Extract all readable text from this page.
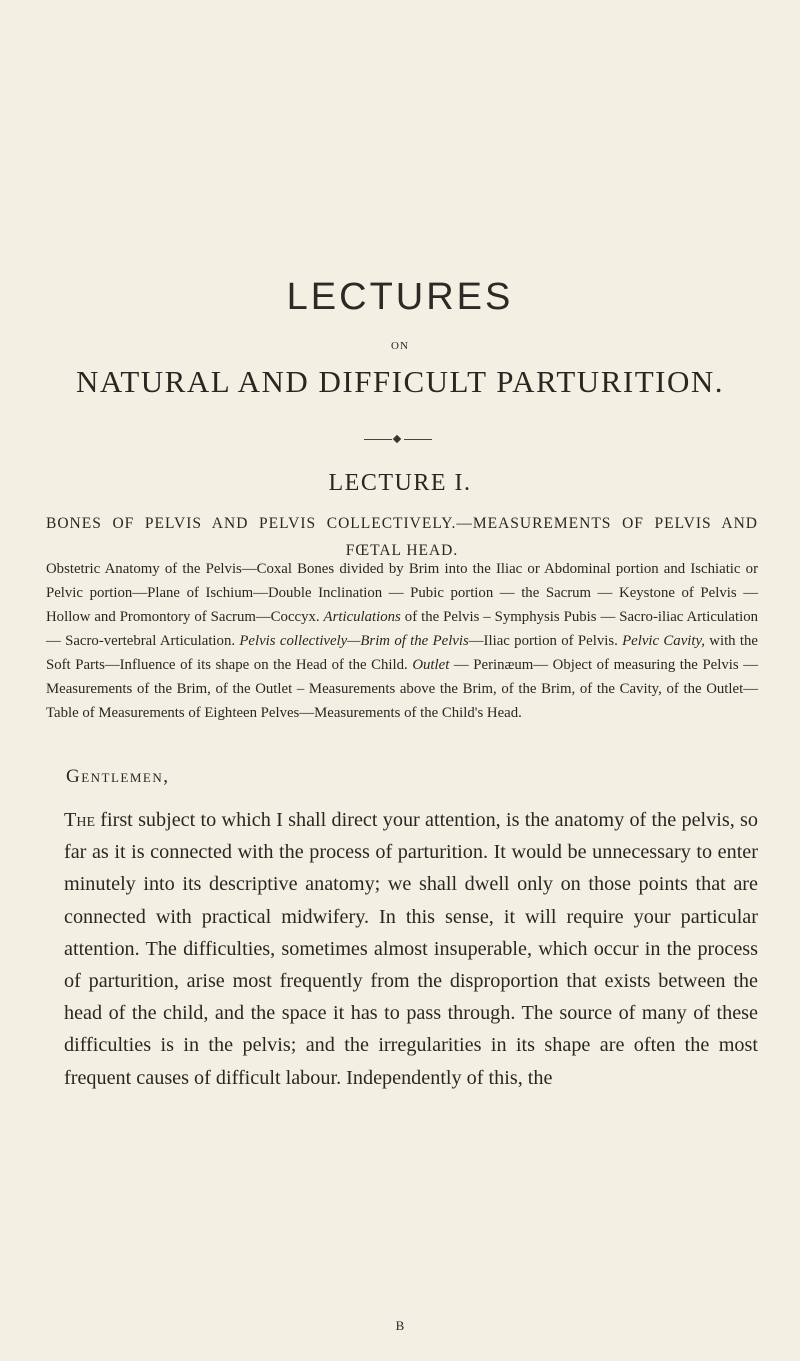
LECTURES
ON
NATURAL AND DIFFICULT PARTURITION.
LECTURE I.
BONES OF PELVIS AND PELVIS COLLECTIVELY.—MEASUREMENTS OF PELVIS AND FŒTAL HEAD.
Obstetric Anatomy of the Pelvis—Coxal Bones divided by Brim into the Iliac or Abdominal portion and Ischiatic or Pelvic portion—Plane of Ischium—Double Inclination — Pubic portion — the Sacrum — Keystone of Pelvis — Hollow and Promontory of Sacrum—Coccyx. Articulations of the Pelvis – Symphysis Pubis — Sacro-iliac Articulation — Sacro-vertebral Articulation. Pelvis collectively—Brim of the Pelvis—Iliac portion of Pelvis. Pelvic Cavity, with the Soft Parts—Influence of its shape on the Head of the Child. Outlet — Perinæum— Object of measuring the Pelvis — Measurements of the Brim, of the Outlet – Measurements above the Brim, of the Brim, of the Cavity, of the Outlet—Table of Measurements of Eighteen Pelves—Measurements of the Child's Head.
Gentlemen,
The first subject to which I shall direct your attention, is the anatomy of the pelvis, so far as it is connected with the process of parturition. It would be unnecessary to enter minutely into its descriptive anatomy; we shall dwell only on those points that are connected with practical midwifery. In this sense, it will require your particular attention. The difficulties, sometimes almost insuperable, which occur in the process of parturition, arise most frequently from the disproportion that exists between the head of the child, and the space it has to pass through. The source of many of these difficulties is in the pelvis; and the irregularities in its shape are often the most frequent causes of difficult labour. Independently of this, the
B
